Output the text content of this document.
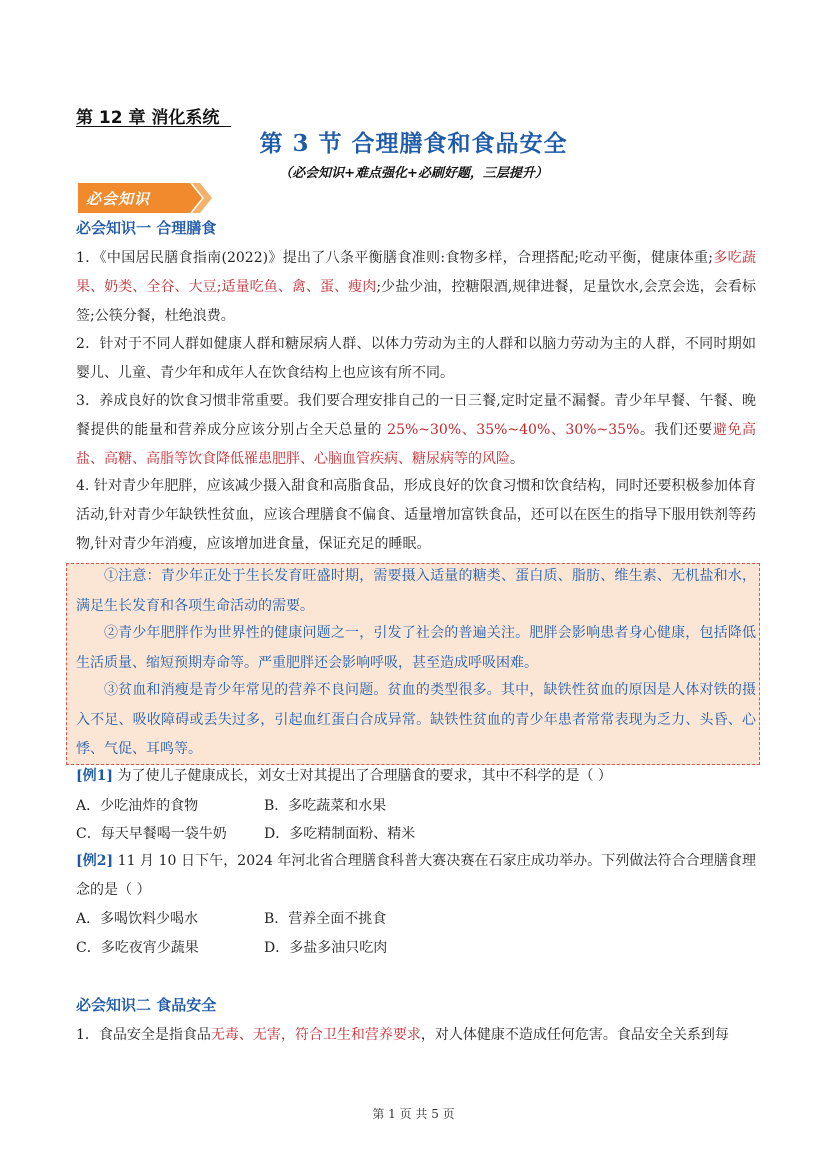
第 12 章 消化系统
第 3 节 合理膳食和食品安全
（必会知识+难点强化+必刷好题，三层提升）
必会知识
必会知识一 合理膳食
1．《中国居民膳食指南(2022)》提出了八条平衡膳食准则:食物多样，合理搭配;吃动平衡，健康体重;多吃蔬果、奶类、全谷、大豆;适量吃鱼、禽、蛋、瘦肉;少盐少油，控糖限酒,规律进餐，足量饮水,会烹会选，会看标签;公筷分餐，杜绝浪费。
2．针对于不同人群如健康人群和糖尿病人群、以体力劳动为主的人群和以脑力劳动为主的人群，不同时期如婴儿、儿童、青少年和成年人在饮食结构上也应该有所不同。
3．养成良好的饮食习惯非常重要。我们要合理安排自己的一日三餐,定时定量不漏餐。青少年早餐、午餐、晚餐提供的能量和营养成分应该分别占全天总量的 25%~30%、35%~40%、30%~35%。我们还要避免高盐、高糖、高脂等饮食降低罹患肥胖、心脑血管疾病、糖尿病等的风险。
4. 针对青少年肥胖，应该减少摄入甜食和高脂食品，形成良好的饮食习惯和饮食结构，同时还要积极参加体育活动,针对青少年缺铁性贫血，应该合理膳食不偏食、适量增加富铁食品，还可以在医生的指导下服用铁剂等药物,针对青少年消瘦，应该增加进食量，保证充足的睡眠。
①注意：青少年正处于生长发育旺盛时期，需要摄入适量的糖类、蛋白质、脂肪、维生素、无机盐和水，满足生长发育和各项生命活动的需要。
②青少年肥胖作为世界性的健康问题之一，引发了社会的普遍关注。肥胖会影响患者身心健康，包括降低生活质量、缩短预期寿命等。严重肥胖还会影响呼吸，甚至造成呼吸困难。
③贫血和消瘦是青少年常见的营养不良问题。贫血的类型很多。其中，缺铁性贫血的原因是人体对铁的摄入不足、吸收障碍或丢失过多，引起血红蛋白合成异常。缺铁性贫血的青少年患者常常表现为乏力、头昏、心悸、气促、耳鸣等。
[例1] 为了使儿子健康成长，刘女士对其提出了合理膳食的要求，其中不科学的是（ ）
A．少吃油炸的食物	B．多吃蔬菜和水果
C．每天早餐喝一袋牛奶	D．多吃精制面粉、精米
[例2] 11 月 10 日下午，2024 年河北省合理膳食科普大赛决赛在石家庄成功举办。下列做法符合合理膳食理念的是（ ）
A．多喝饮料少喝水	B．营养全面不挑食
C．多吃夜宵少蔬果	D．多盐多油只吃肉
必会知识二 食品安全
1．食品安全是指食品无毒、无害，符合卫生和营养要求，对人体健康不造成任何危害。食品安全关系到每
第 1 页 共 5 页
